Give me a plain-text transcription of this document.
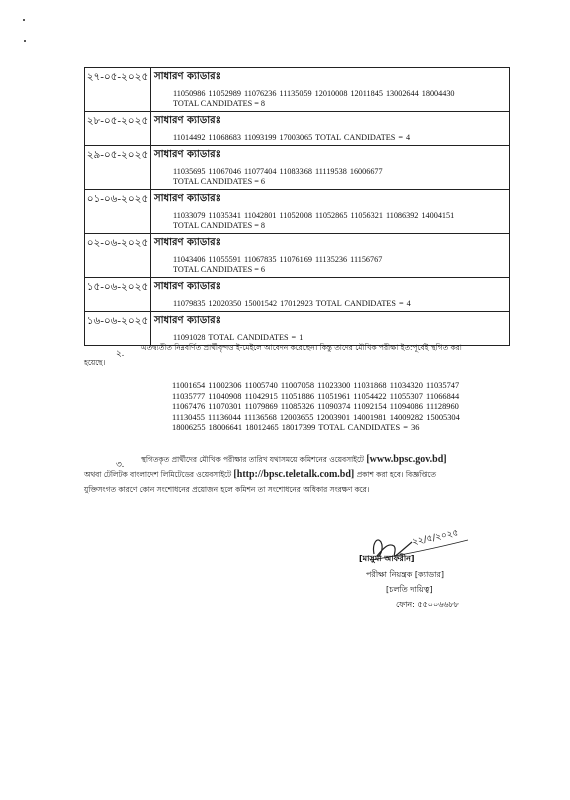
২৭-০৫-২০২৫	সাধারণ ক্যাডারঃ
11050986 11052989 11076236 11135059 12010008 12011845 13002644 18004430
TOTAL CANDIDATES = 8

২৮-০৫-২০২৫	সাধারণ ক্যাডারঃ
11014492 11068683 11093199 17003065 TOTAL CANDIDATES = 4

২৯-০৫-২০২৫	সাধারণ ক্যাডারঃ
11035695 11067046 11077404 11083368 11119538 16006677
TOTAL CANDIDATES = 6

০১-০৬-২০২৫	সাধারণ ক্যাডারঃ
11033079 11035341 11042801 11052008 11052865 11056321 11086392 14004151
TOTAL CANDIDATES = 8

০২-০৬-২০২৫	সাধারণ ক্যাডারঃ
11043406 11055591 11067835 11076169 11135236 11156767
TOTAL CANDIDATES = 6

১৫-০৬-২০২৫	সাধারণ ক্যাডারঃ
11079835 12020350 15001542 17012923 TOTAL CANDIDATES = 4

১৬-০৬-২০২৫	সাধারণ ক্যাডারঃ
11091028 TOTAL CANDIDATES = 1
২.
এতদ্ব্যতীত নিম্নবর্ণিত প্রার্থীবৃন্দও ই-মেইলে আবেদন করেছেন। কিন্তু তাদের মৌখিক পরীক্ষা ইত:পূর্বেই স্থগিত করা
হয়েছে।
11001654 11002306 11005740 11007058 11023300 11031868 11034320 11035747
11035777 11040908 11042915 11051886 11051961 11054422 11055307 11066844
11067476 11070301 11079869 11085326 11090374 11092154 11094086 11128960
11130455 11136044 11136568 12003655 12003901 14001981 14009282 15005304
18006255 18006641 18012465 18017399 TOTAL CANDIDATES = 36
৩. স্থগিতকৃত প্রার্থীদের মৌখিক পরীক্ষার তারিখ যথাসময়ে কমিশনের ওয়েবসাইটে [www.bpsc.gov.bd]
অথবা টেলিটক বাংলাদেশ লিমিটেডের ওয়েবসাইটে [http://bpsc.teletalk.com.bd] প্রকাশ করা হবে। বিজ্ঞপ্তিতে
যুক্তিসংগত কারণে কোন সংশোধনের প্রয়োজন হলে কমিশন তা সংশোধনের অধিকার সংরক্ষণ করে।
২২/৫/২০২৫
[মাসুমা আফরীন]
পরীক্ষা নিয়ন্ত্রক [ক্যাডার]
[চলতি দায়িত্ব]
ফোন: ৫৫০০৬৬৮৮
